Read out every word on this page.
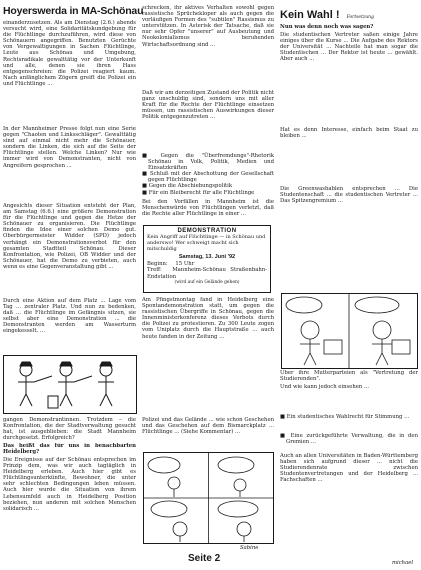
Hoyerswerda in MA-Schönau

einanderzusetzen. Als am Dienstag (2.6.) abends versucht wird, eine Solidaritätskundgebung für die Flüchtlinge durchzuführen, wird diese von Schönauern angegriffen. Benutzten Gerüchte von Vergewaltigungen in Sachen Flüchtlinge, Leute aus Schönau und Umgebung, Rechtsradikale gewalttätig vor der Unterkunft und alle, denen sie ihren Hass entgegenschreien: die Polizei reagiert kaum. Nach anfänglichem Zögern greift die Polizei ein und Flüchtlinge ...

In der Mannheimer Presse folgt nun eine Serie gegen "Chaoten und Linksschläger". Gewalttätig sind auf einmal nicht mehr die Schönauer, sondern die Linken, die sich auf die Seite der Flüchtlinge stellen. Welche Linken? Nur wie immer wird von Demonstranten, nicht von Angreifern gesprochen ...

Angesichts dieser Situation entsteht der Plan, am Samstag (6.6.) eine größere Demonstration für die Flüchtlinge und gegen die Hetze der Schönauer zu organisieren. Die Flüchtlinge finden die Idee einer solchen Demo gut. Oberbürgermeister Widder (SPD) jedoch verhängt ein Demonstrationsverbot für den gesamten Stadtteil Schönau. Dieser Konfrontation, wie Polizei, OB Widder und der Schönauer, hat die Demo zu verbieten, auch wenn es eine Gegenveranstaltung gibt ...

Durch eine Aktion auf dem Platz ... Lage vom Tag ... zentraler Platz. Und nun zu bedenken, daß ... die Flüchtlinge im Gefängnis sitzen, sie selbst aber eine Demonstration ... die Demonstranten werden am Wasserturm eingekesselt. ...

gangen Demonstrantinnen. Trotzdem – die Konfrontation, die der Stadtverwaltung gesucht hat, ist ausgeblieben: die Stadt Mannheim durchgesetzt. Erfolgreich?

Das heißt das für uns in benachbarten Heidelberg?

Die Ereignisse auf der Schönau entsprechen im Prinzip dem, was wir auch tagtäglich in Heidelberg erleben. Auch hier gibt es Flüchtlingsunterkünfte, Bewohner, die unter sehr schlechten Bedingungen leben müssen. Auch hier wurde die Situation von ihrem Lebensumfeld auch in Heidelberg Position beziehen, nun anderen mit solchen Menschen solidarisch ...

schrecken, ihr aktives Verhalten sowohl gegen rassistische Sprüchekloper als auch gegen die vorläufigen Formen des "subtilen" Rassismus zu unterstützen. In Asterisk der Tatsache, daß sie nur sehr Opfer "unserer" auf Ausbeutung und Neokolonialismus beruhenden Wirtschaftsordnung sind ...

Daß wir am derzeitigen Zustand der Politik nicht ganz unschuldig sind, sondern uns mit aller Kraft für die Rechte der Flüchtlinge einsetzen müssen, um rassistischen Auswirkungen dieser Politik entgegenzutreten ...

■ Gegen die "Überfremdungs"-Rhetorik Schönau in Volk, Politik, Medien und Einsatzkräften

■ Schluß mit der Abschottung der Gesellschaft gegen Flüchtlinge

■ Gegen die Abschiebungspolitik

■ Für ein Bleiberecht für alle Flüchtlinge

Bei den Vorfällen in Mannheim ist die Menschenwürde von Flüchtlingen verletzt, daß die Rechte aller Flüchtlinge in einer ...

DEMONSTRATION
Kein Angriff auf Flüchtlinge — in Schönau und anderswo! Wer schweigt macht sich mitschuldig
Samstag, 13. Juni '92
Beginn: 15 Uhr
Treff: Mannheim-Schönau Straßenbahn-Endstation
(wird auf ein Gelände gehen)

Am Pfingstmontag fand in Heidelberg eine Spontandemonstration statt, um gegen die rassistischen Übergriffe in Schönau, gegen die Innenministerkonferenz dieses Verbots durch die Polizei zu protestieren. Zu 300 Leute zogen vom Uniplatz durch die Hauptstraße ... auch heute fanden in der Zeitung ...

Polizei und das Gelände ... wie schon Geschehen und das Geschehen auf dem Bismarckplatz ... Flüchtlinge ... (Siehe Kommentar) ...

Sabine
Seite 2
Kein Wahl ! Fortsetzung

Nun was denn noch was sagen?

Die studentischen Vertreter saßen einige Jahre einiges über die Kurse ... Die Aufgabe des Rektors der Universität ... Nachteile hat man sogar die Studentischen ... Der Rektor ist heute ... gewählt. Aber auch ...

Hat es denn Interesse, einfach beim Staat zu bleiben ...

Die Greenwashablen entsprechen ... Die Studentenschaft ... die studentischen Vertreter ... Das Spitzengremium ...

Über ihre Mutterparteien als "Vertretung der Studierenden".

Und wie kann jedoch einsehen ...

■ Ein studentisches Wahlrecht für Stimmung ...

■ Eine zurückgeführte Verwaltung, die in den Gremien ...

Auch an allen Universitäten in Baden-Württemberg haben sich aufgrund dieser ... nicht die Studierendenrate zwischen Studentenvertretungen und der Heidelberg ... Fachschaften ...

michael
